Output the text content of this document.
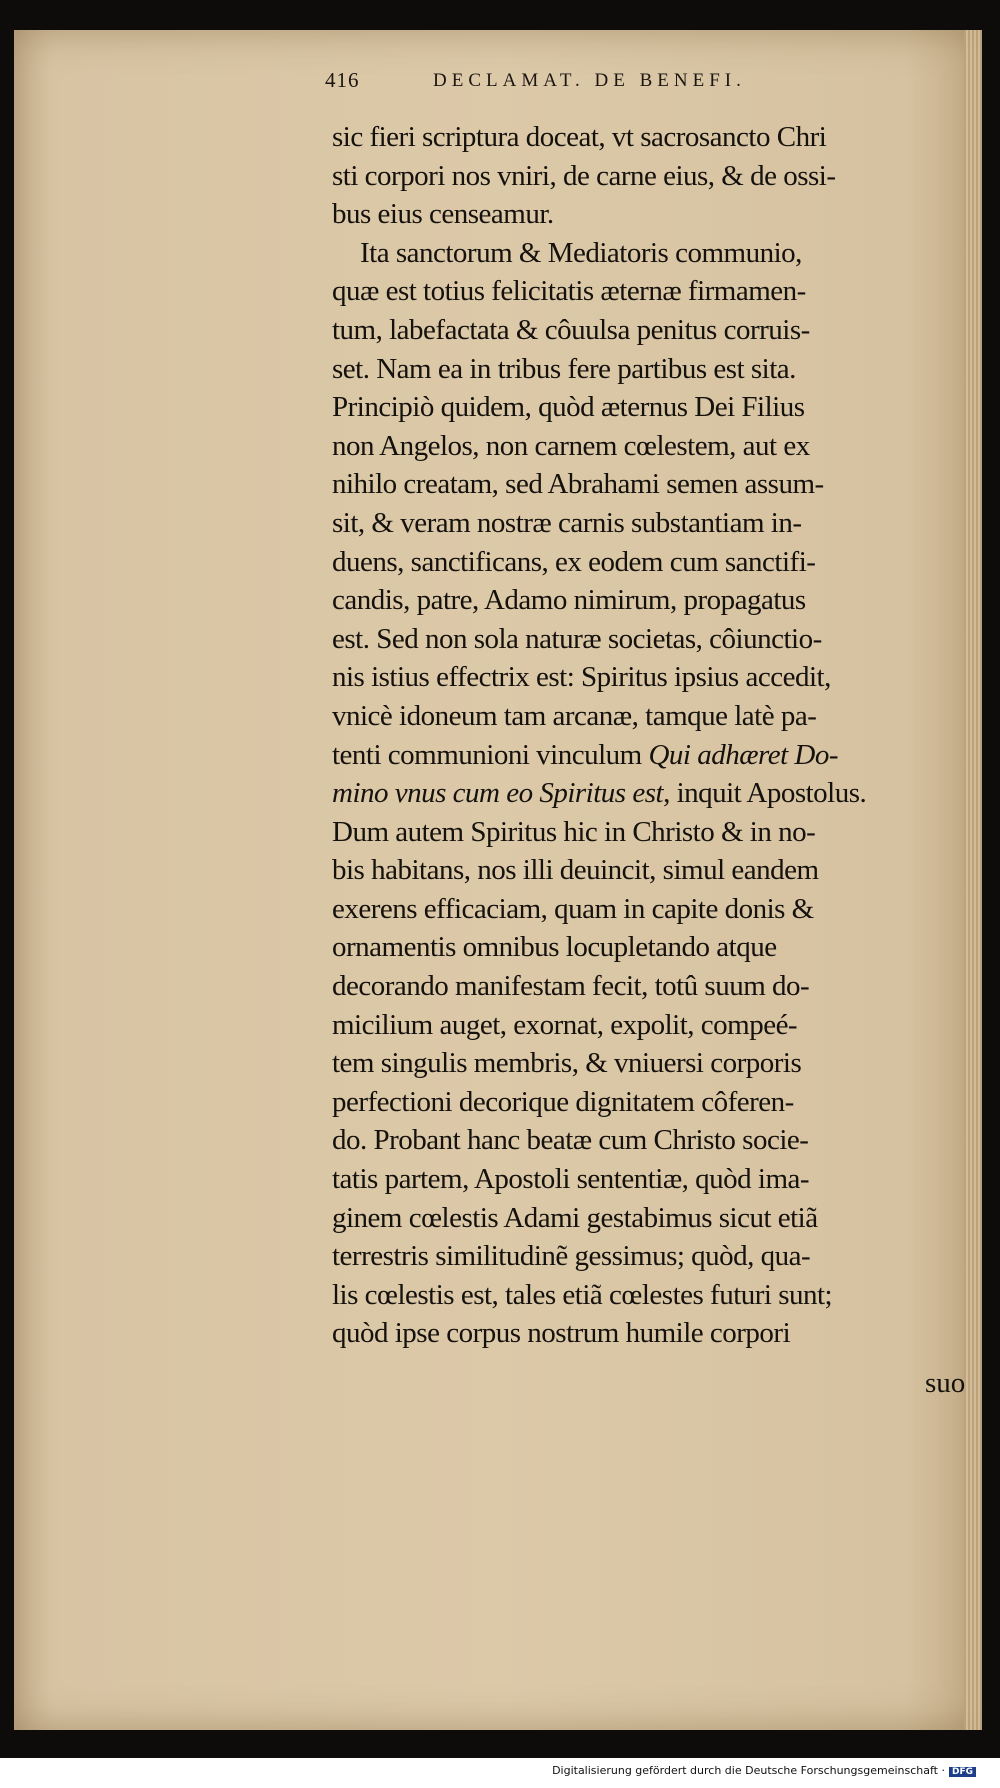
416	DECLAMAT. DE BENEFI.
sic fieri scriptura doceat, vt sacrosancto Chri
sti corpori nos vniri, de carne eius, & de ossi-
bus eius censeamur.
Ita sanctorum & Mediatoris communio,
quæ est totius felicitatis æternæ firmamen-
tum, labefactata & côuulsa penitus corruis-
set. Nam ea in tribus fere partibus est sita.
Principiò quidem, quòd æternus Dei Filius
non Angelos, non carnem cœlestem, aut ex
nihilo creatam, sed Abrahami semen assum-
sit, & veram nostræ carnis substantiam in-
duens, sanctificans, ex eodem cum sanctifi-
candis, patre, Adamo nimirum, propagatus
est. Sed non sola naturæ societas, côiunctio-
nis istius effectrix est: Spiritus ipsius accedit,
vnicè idoneum tam arcanæ, tamque latè pa-
tenti communioni vinculum Qui adhæret Do-
mino vnus cum eo Spiritus est, inquit Apostolus.
Dum autem Spiritus hic in Christo & in no-
bis habitans, nos illi deuincit, simul eandem
exerens efficaciam, quam in capite donis &
ornamentis omnibus locupletando atque
decorando manifestam fecit, totû suum do-
micilium auget, exornat, expolit, compeé-
tem singulis membris, & vniuersi corporis
perfectioni decorique dignitatem côferen-
do. Probant hanc beatæ cum Christo socie-
tatis partem, Apostoli sententiæ, quòd ima-
ginem cœlestis Adami gestabimus sicut etiã
terrestris similitudinẽ gessimus; quòd, qua-
lis cœlestis est, tales etiã cœlestes futuri sunt;
quòd ipse corpus nostrum humile corpori
suo
Digitalisierung gefördert durch die Deutsche Forschungsgemeinschaft · DFG
